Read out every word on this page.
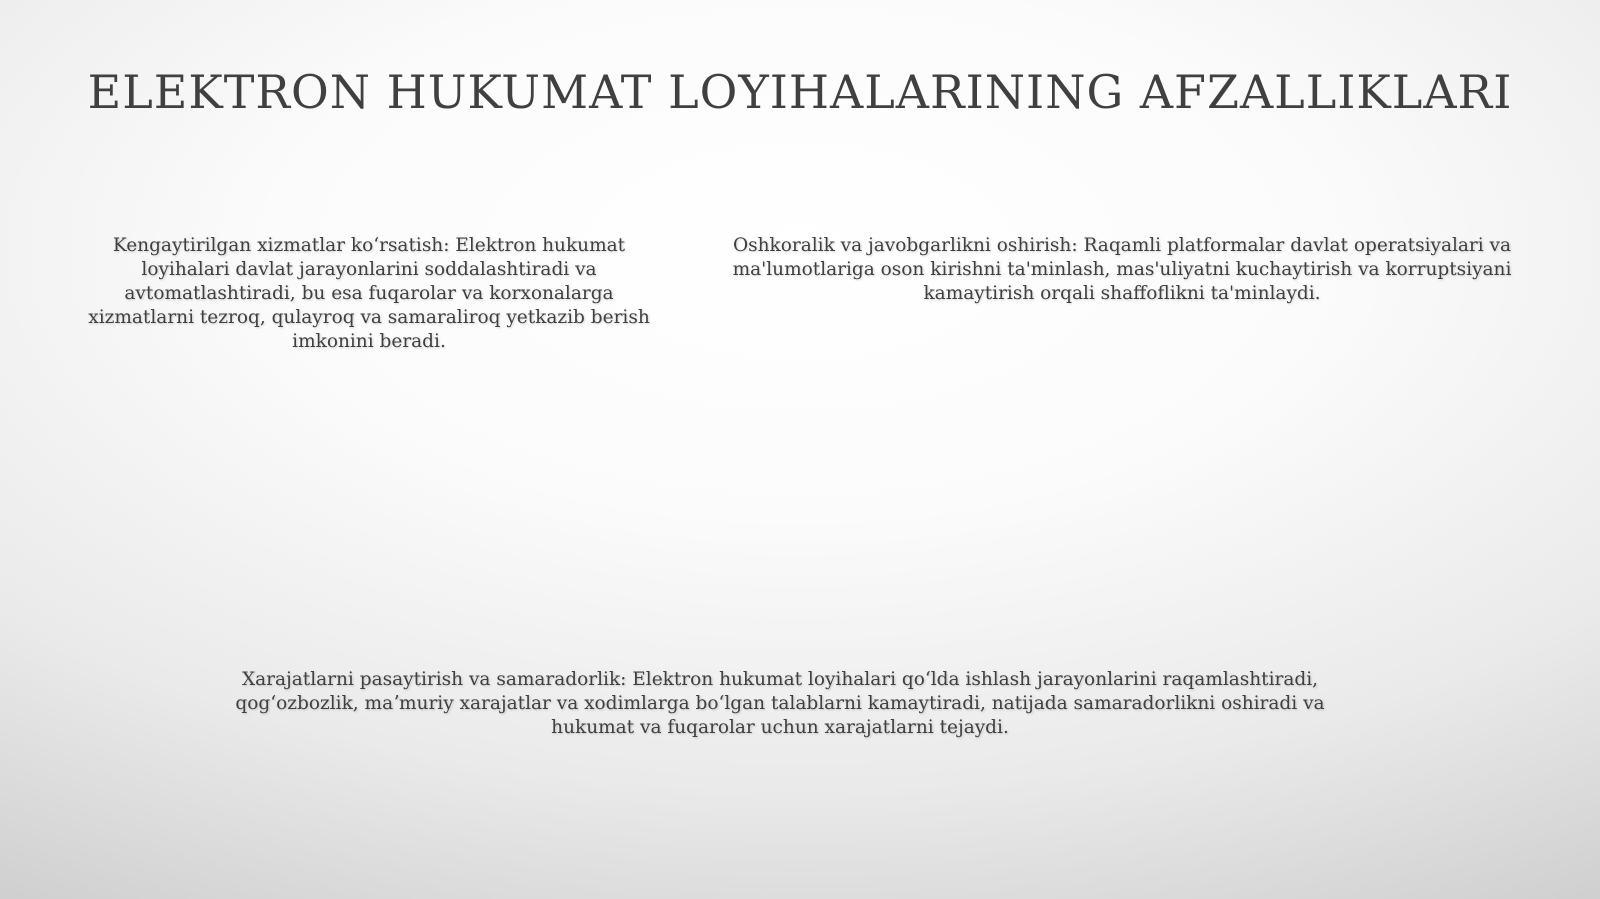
ELEKTRON HUKUMAT LOYIHALARINING AFZALLIKLARI

Kengaytirilgan xizmatlar koʻrsatish: Elektron hukumat loyihalari davlat jarayonlarini soddalashtiradi va avtomatlashtiradi, bu esa fuqarolar va korxonalarga xizmatlarni tezroq, qulayroq va samaraliroq yetkazib berish imkonini beradi.

Oshkoralik va javobgarlikni oshirish: Raqamli platformalar davlat operatsiyalari va ma'lumotlariga oson kirishni ta'minlash, mas'uliyatni kuchaytirish va korruptsiyani kamaytirish orqali shaffoflikni ta'minlaydi.

Xarajatlarni pasaytirish va samaradorlik: Elektron hukumat loyihalari qoʻlda ishlash jarayonlarini raqamlashtiradi, qogʻozbozlik, maʼmuriy xarajatlar va xodimlarga boʻlgan talablarni kamaytiradi, natijada samaradorlikni oshiradi va hukumat va fuqarolar uchun xarajatlarni tejaydi.
